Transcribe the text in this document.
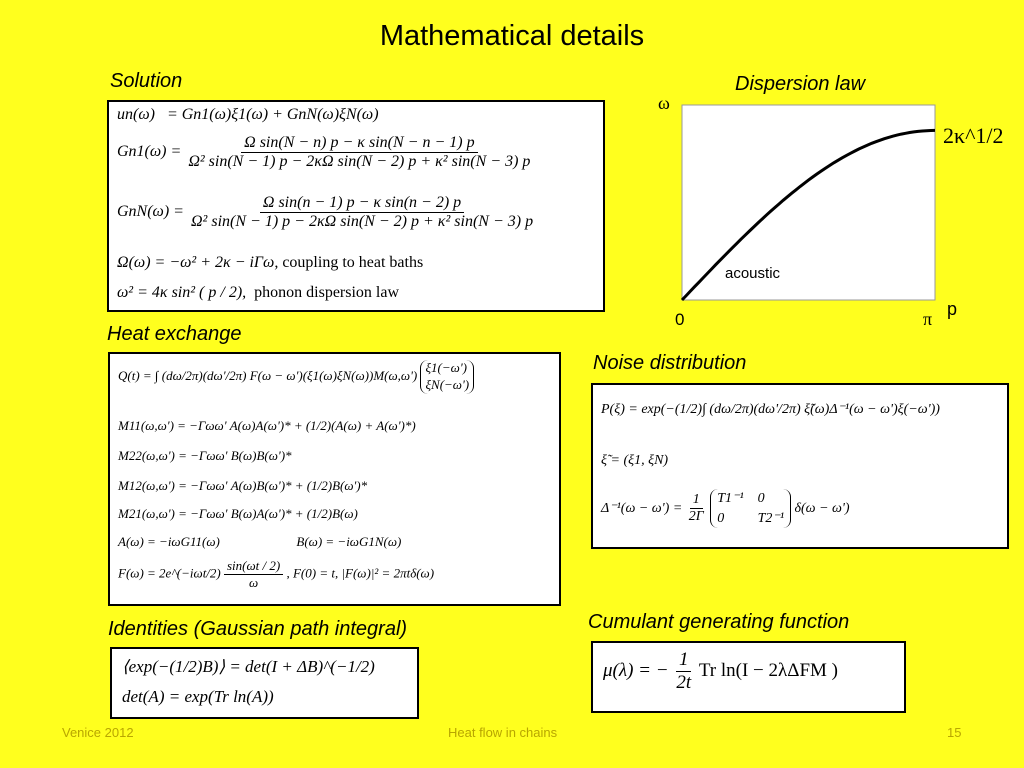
Mathematical details
Solution
un(ω) = Gn1(ω)ξ1(ω) + GnN(ω)ξN(ω)
$Gn1(\omega) = \frac{\text{Ω sin(N − n) p − κ sin(N − n − 1) p}}{\text{Ω² sin(N − 1) p − 2κΩ sin(N − 2) p + κ² sin(N − 3) p}}$
$GnN(\omega) = \frac{\text{Ω sin(n − 1) p − κ sin(n − 2) p}}{\text{Ω² sin(N − 1) p − 2κΩ sin(N − 2) p + κ² sin(N − 3) p}}$
Ω(ω) = −ω² + 2κ − iΓω, coupling to heat baths
ω² = 4κ sin² ( p / 2), phonon dispersion law
Dispersion law
ω
p
0	π
2κ^1/2
acoustic
Heat exchange
Q(t) = ∫ (dω/2π)(dω'/2π) F(ω − ω')(ξ1(ω)ξN(ω))M(ω,ω')
ξ1(−ω')
ξN(−ω')
M11(ω,ω') = −Γωω' A(ω)A(ω')* + (1/2)(A(ω) + A(ω')*)
M22(ω,ω') = −Γωω' B(ω)B(ω')*
M12(ω,ω') = −Γωω' A(ω)B(ω')* + (1/2)B(ω')*
M21(ω,ω') = −Γωω' B(ω)A(ω')* + (1/2)B(ω)
A(ω) = −iωG11(ω)	B(ω) = −iωG1N(ω)
F(ω) = 2e^(−iωt/2) $\frac{\sin(\omega t / 2)}{\omega}$ , F(0) = t, |F(ω)|² = 2πtδ(ω)
Noise distribution
P(ξ) = exp(−(1/2)∫ (dω/2π)(dω'/2π) ξ̃(ω)Δ⁻¹(ω − ω')ξ(−ω'))
ξ̃ = (ξ1, ξN)
$\Delta^{-1}(\omega - \omega') = \frac{1}{2\Gamma}$
T1⁻¹ 0
0	T2⁻¹
δ(ω − ω')
Identities (Gaussian path integral)
⟨exp(−(1/2)B)⟩ = det(I + ΔB)^(−1/2)
det(A) = exp(Tr ln(A))
Cumulant generating function
μ(λ) = − $\frac{1}{2t}$ Tr ln(I − 2λΔFM )
Venice 2012	Heat flow in chains	15
